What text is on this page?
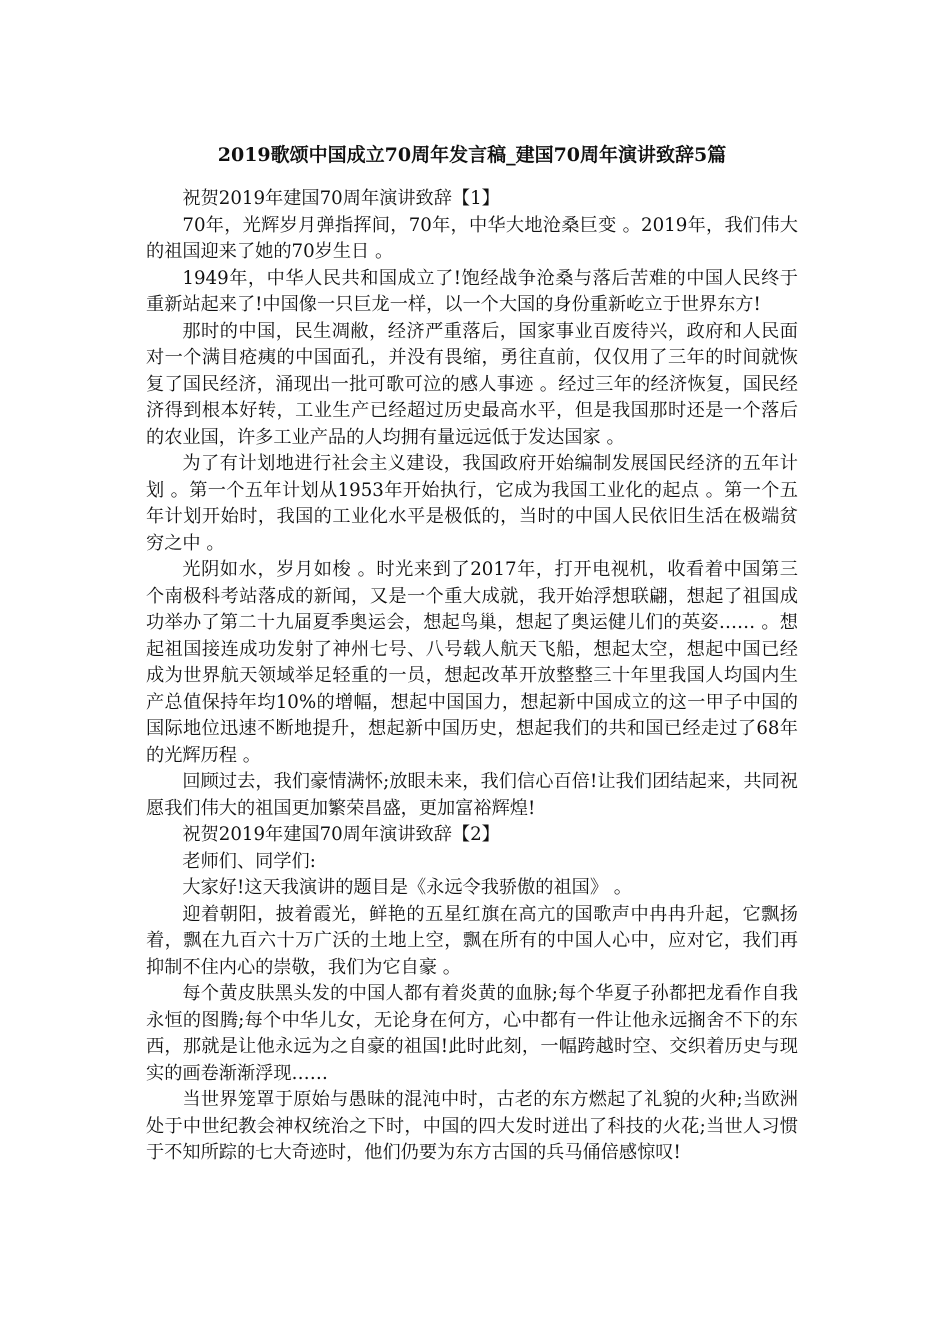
2019歌颂中国成立70周年发言稿_建国70周年演讲致辞5篇

祝贺2019年建国70周年演讲致辞【1】

70年，光辉岁月弹指挥间，70年，中华大地沧桑巨变 。2019年，我们伟大的祖国迎来了她的70岁生日 。

1949年，中华人民共和国成立了!饱经战争沧桑与落后苦难的中国人民终于重新站起来了!中国像一只巨龙一样，以一个大国的身份重新屹立于世界东方!

那时的中国，民生凋敝，经济严重落后，国家事业百废待兴，政府和人民面对一个满目疮痍的中国面孔，并没有畏缩，勇往直前，仅仅用了三年的时间就恢复了国民经济，涌现出一批可歌可泣的感人事迹 。经过三年的经济恢复，国民经济得到根本好转，工业生产已经超过历史最高水平，但是我国那时还是一个落后的农业国，许多工业产品的人均拥有量远远低于发达国家 。

为了有计划地进行社会主义建设，我国政府开始编制发展国民经济的五年计划 。第一个五年计划从1953年开始执行，它成为我国工业化的起点 。第一个五年计划开始时，我国的工业化水平是极低的，当时的中国人民依旧生活在极端贫穷之中 。

光阴如水，岁月如梭 。时光来到了2017年，打开电视机，收看着中国第三个南极科考站落成的新闻，又是一个重大成就，我开始浮想联翩，想起了祖国成功举办了第二十九届夏季奥运会，想起鸟巢，想起了奥运健儿们的英姿…… 。想起祖国接连成功发射了神州七号、八号载人航天飞船，想起太空，想起中国已经成为世界航天领域举足轻重的一员，想起改革开放整整三十年里我国人均国内生产总值保持年均10%的增幅，想起中国国力，想起新中国成立的这一甲子中国的国际地位迅速不断地提升，想起新中国历史，想起我们的共和国已经走过了68年的光辉历程 。

回顾过去，我们豪情满怀;放眼未来，我们信心百倍!让我们团结起来，共同祝愿我们伟大的祖国更加繁荣昌盛，更加富裕辉煌!

祝贺2019年建国70周年演讲致辞【2】

老师们、同学们:

大家好!这天我演讲的题目是《永远令我骄傲的祖国》 。

迎着朝阳，披着霞光，鲜艳的五星红旗在高亢的国歌声中冉冉升起，它飘扬着，飘在九百六十万广沃的土地上空，飘在所有的中国人心中，应对它，我们再抑制不住内心的崇敬，我们为它自豪 。

每个黄皮肤黑头发的中国人都有着炎黄的血脉;每个华夏子孙都把龙看作自我永恒的图腾;每个中华儿女，无论身在何方，心中都有一件让他永远搁舍不下的东西，那就是让他永远为之自豪的祖国!此时此刻，一幅跨越时空、交织着历史与现实的画卷渐渐浮现……

当世界笼罩于原始与愚昧的混沌中时，古老的东方燃起了礼貌的火种;当欧洲处于中世纪教会神权统治之下时，中国的四大发时迸出了科技的火花;当世人习惯于不知所踪的七大奇迹时，他们仍要为东方古国的兵马俑倍感惊叹!
